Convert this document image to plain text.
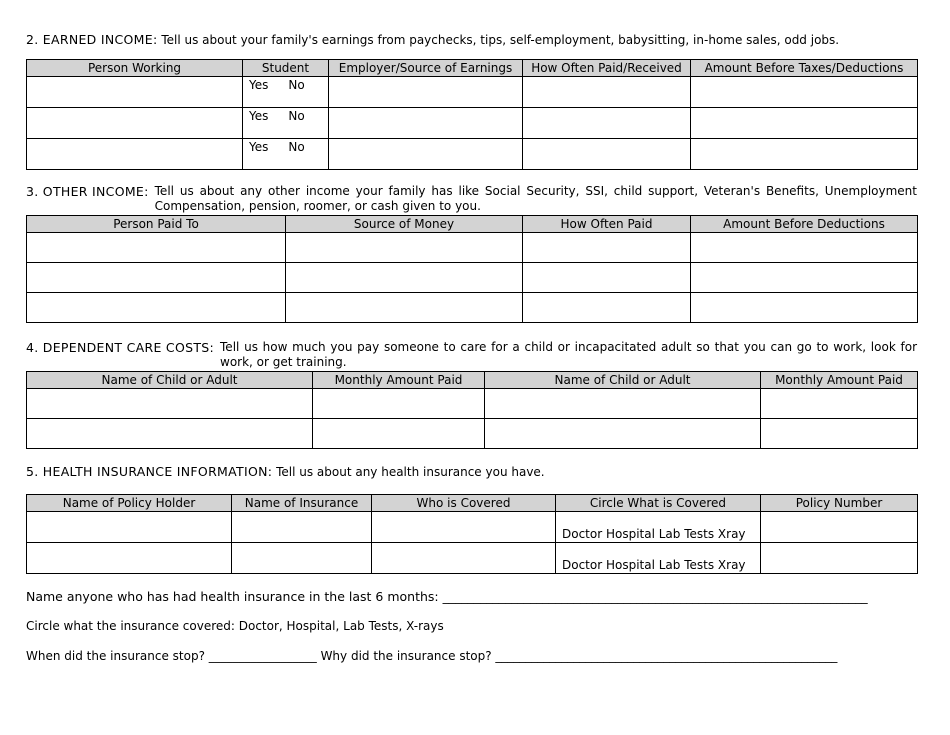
2. EARNED INCOME: Tell us about your family's earnings from paychecks, tips, self-employment, babysitting, in-home sales, odd jobs.
Person Working	Student	Employer/Source of Earnings	How Often Paid/Received	Amount Before Taxes/Deductions
	Yes No			
	Yes No			
	Yes No			
3. OTHER INCOME: Tell us about any other income your family has like Social Security, SSI, child support, Veteran's Benefits, Unemployment Compensation, pension, roomer, or cash given to you.
Person Paid To	Source of Money	How Often Paid	Amount Before Deductions

4. DEPENDENT CARE COSTS: Tell us how much you pay someone to care for a child or incapacitated adult so that you can go to work, look for work, or get training.
Name of Child or Adult	Monthly Amount Paid	Name of Child or Adult	Monthly Amount Paid

5. HEALTH INSURANCE INFORMATION: Tell us about any health insurance you have.
Name of Policy Holder	Name of Insurance	Who is Covered	Circle What is Covered	Policy Number
			Doctor Hospital Lab Tests Xray	
			Doctor Hospital Lab Tests Xray	
Name anyone who has had health insurance in the last 6 months: ____________________________________________________________________
Circle what the insurance covered: Doctor, Hospital, Lab Tests, X-rays
When did the insurance stop? __________________ Why did the insurance stop? _________________________________________________________
